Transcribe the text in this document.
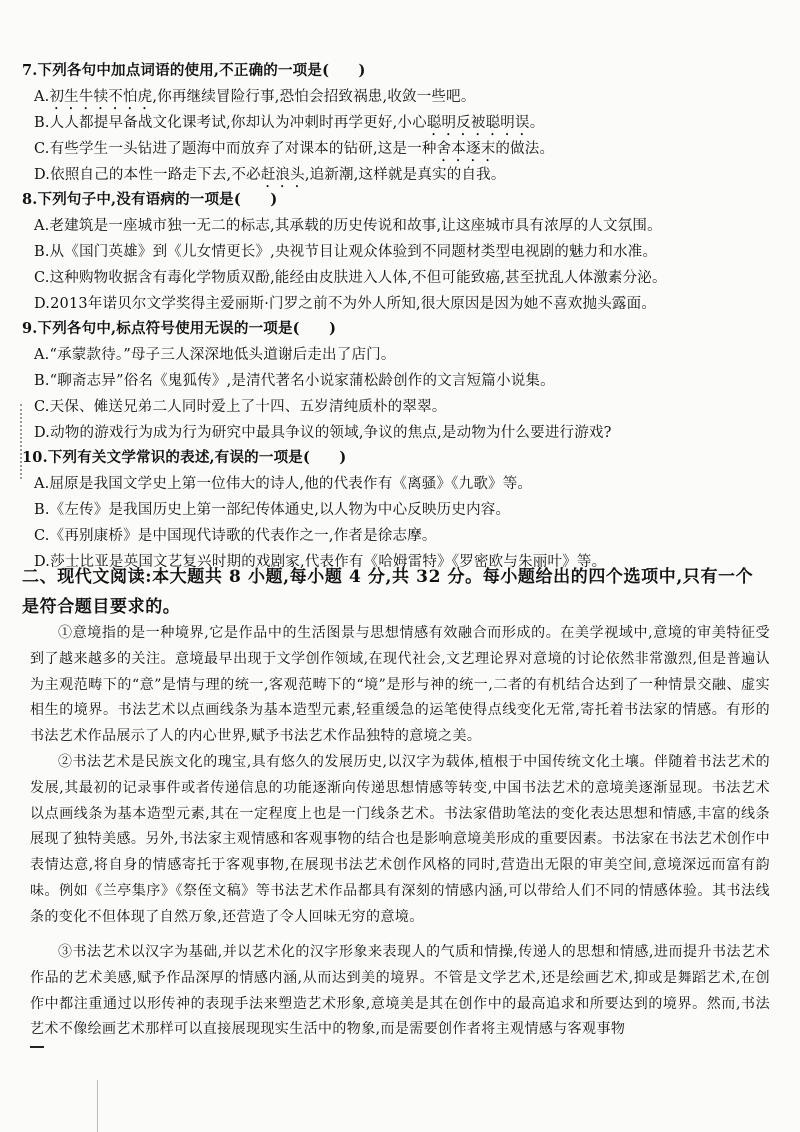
7.下列各句中加点词语的使用,不正确的一项是(　　)
A.初生牛犊不怕虎,你再继续冒险行事,恐怕会招致祸患,收敛一些吧。
B.人人都提早备战文化课考试,你却认为冲刺时再学更好,小心聪明反被聪明误。
C.有些学生一头钻进了题海中而放弃了对课本的钻研,这是一种舍本逐末的做法。
D.依照自己的本性一路走下去,不必赶浪头,追新潮,这样就是真实的自我。
8.下列句子中,没有语病的一项是(　　)
A.老建筑是一座城市独一无二的标志,其承载的历史传说和故事,让这座城市具有浓厚的人文氛围。
B.从《国门英雄》到《儿女情更长》,央视节目让观众体验到不同题材类型电视剧的魅力和水准。
C.这种购物收据含有毒化学物质双酚,能经由皮肤进入人体,不但可能致癌,甚至扰乱人体激素分泌。
D.2013年诺贝尔文学奖得主爱丽斯·门罗之前不为外人所知,很大原因是因为她不喜欢抛头露面。
9.下列各句中,标点符号使用无误的一项是(　　)
A.“承蒙款待。”母子三人深深地低头道谢后走出了店门。
B.“聊斋志异”俗名《鬼狐传》,是清代著名小说家蒲松龄创作的文言短篇小说集。
C.天保、傩送兄弟二人同时爱上了十四、五岁清纯质朴的翠翠。
D.动物的游戏行为成为行为研究中最具争议的领域,争议的焦点,是动物为什么要进行游戏?
10.下列有关文学常识的表述,有误的一项是(　　)
A.屈原是我国文学史上第一位伟大的诗人,他的代表作有《离骚》《九歌》等。
B.《左传》是我国历史上第一部纪传体通史,以人物为中心反映历史内容。
C.《再别康桥》是中国现代诗歌的代表作之一,作者是徐志摩。
D.莎士比亚是英国文艺复兴时期的戏剧家,代表作有《哈姆雷特》《罗密欧与朱丽叶》等。
二、现代文阅读:本大题共 8 小题,每小题 4 分,共 32 分。每小题给出的四个选项中,只有一个是符合题目要求的。
①意境指的是一种境界,它是作品中的生活图景与思想情感有效融合而形成的。在美学视域中,意境的审美特征受到了越来越多的关注。意境最早出现于文学创作领域,在现代社会,文艺理论界对意境的讨论依然非常激烈,但是普遍认为主观范畴下的“意”是情与理的统一,客观范畴下的“境”是形与神的统一,二者的有机结合达到了一种情景交融、虚实相生的境界。书法艺术以点画线条为基本造型元素,轻重缓急的运笔使得点线变化无常,寄托着书法家的情感。有形的书法艺术作品展示了人的内心世界,赋予书法艺术作品独特的意境之美。
②书法艺术是民族文化的瑰宝,具有悠久的发展历史,以汉字为载体,植根于中国传统文化土壤。伴随着书法艺术的发展,其最初的记录事件或者传递信息的功能逐渐向传递思想情感等转变,中国书法艺术的意境美逐渐显现。书法艺术以点画线条为基本造型元素,其在一定程度上也是一门线条艺术。书法家借助笔法的变化表达思想和情感,丰富的线条展现了独特美感。另外,书法家主观情感和客观事物的结合也是影响意境美形成的重要因素。书法家在书法艺术创作中表情达意,将自身的情感寄托于客观事物,在展现书法艺术创作风格的同时,营造出无限的审美空间,意境深远而富有韵味。例如《兰亭集序》《祭侄文稿》等书法艺术作品都具有深刻的情感内涵,可以带给人们不同的情感体验。其书法线条的变化不但体现了自然万象,还营造了令人回味无穷的意境。
③书法艺术以汉字为基础,并以艺术化的汉字形象来表现人的气质和情操,传递人的思想和情感,进而提升书法艺术作品的艺术美感,赋予作品深厚的情感内涵,从而达到美的境界。不管是文学艺术,还是绘画艺术,抑或是舞蹈艺术,在创作中都注重通过以形传神的表现手法来塑造艺术形象,意境美是其在创作中的最高追求和所要达到的境界。然而,书法艺术不像绘画艺术那样可以直接展现现实生活中的物象,而是需要创作者将主观情感与客观事物
